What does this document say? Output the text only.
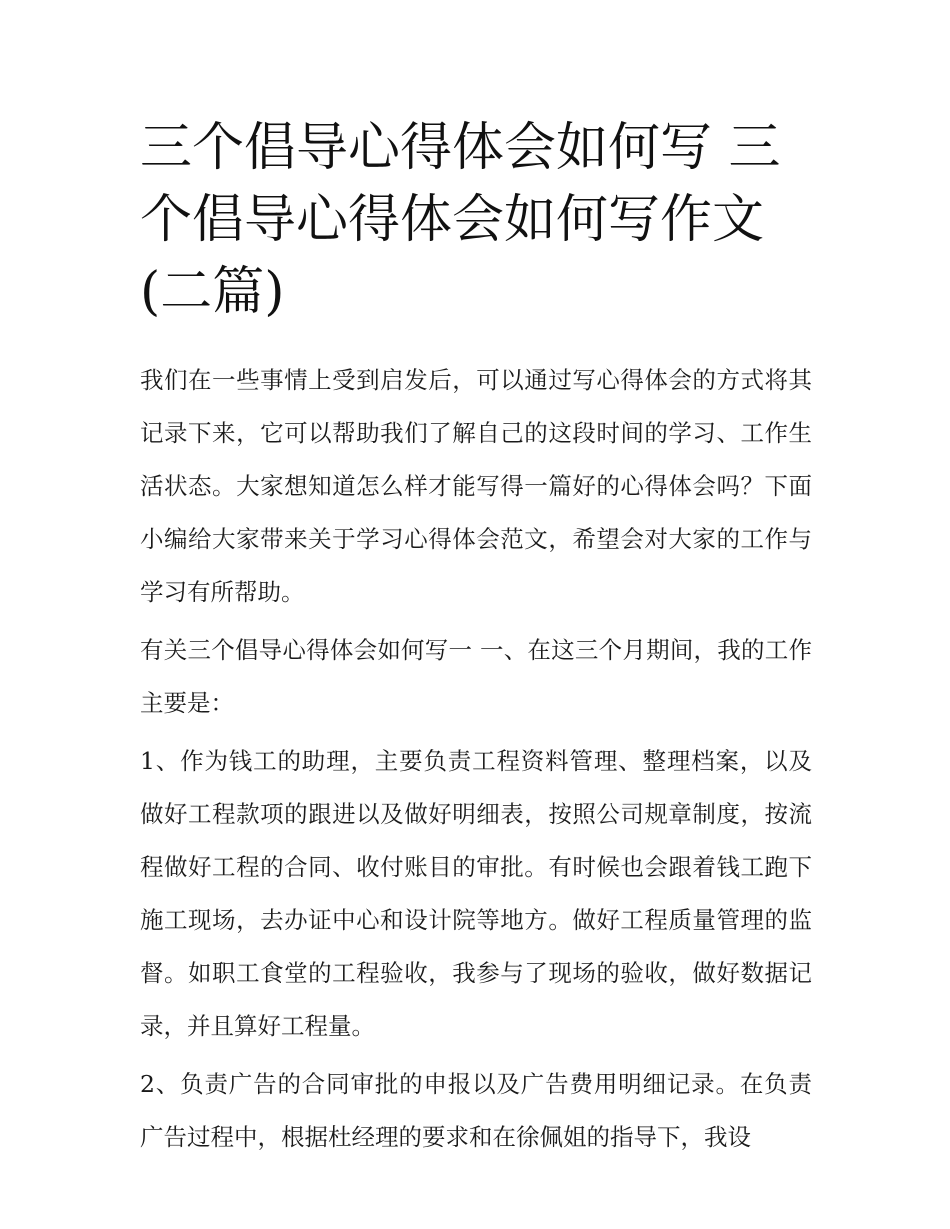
三个倡导心得体会如何写 三个倡导心得体会如何写作文(二篇)

我们在一些事情上受到启发后，可以通过写心得体会的方式将其记录下来，它可以帮助我们了解自己的这段时间的学习、工作生活状态。大家想知道怎么样才能写得一篇好的心得体会吗？下面小编给大家带来关于学习心得体会范文，希望会对大家的工作与学习有所帮助。

有关三个倡导心得体会如何写一 一、在这三个月期间，我的工作主要是：

1、作为钱工的助理，主要负责工程资料管理、整理档案，以及做好工程款项的跟进以及做好明细表，按照公司规章制度，按流程做好工程的合同、收付账目的审批。有时候也会跟着钱工跑下施工现场，去办证中心和设计院等地方。做好工程质量管理的监督。如职工食堂的工程验收，我参与了现场的验收，做好数据记录，并且算好工程量。

2、负责广告的合同审批的申报以及广告费用明细记录。在负责广告过程中，根据杜经理的要求和在徐佩姐的指导下，我设
